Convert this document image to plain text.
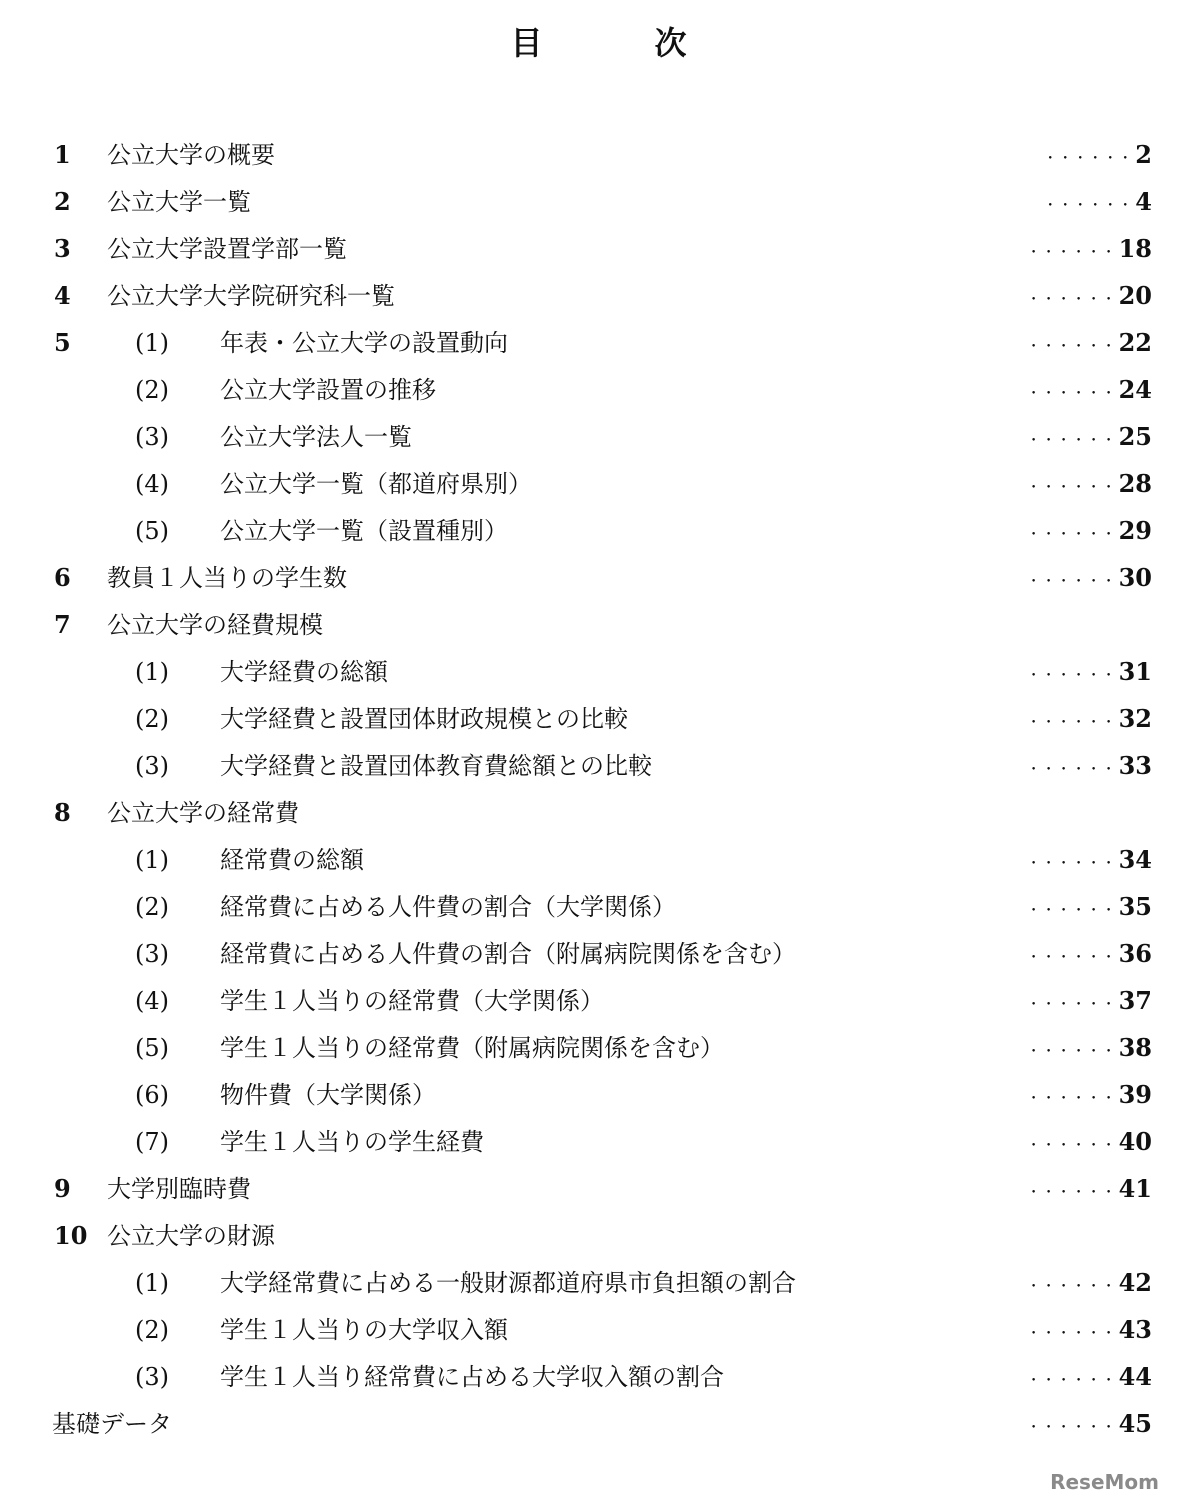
目　次
1 公立大学の概要	・・・・・・ 2
2 公立大学一覧	・・・・・・ 4
3 公立大学設置学部一覧	・・・・・・ 18
4 公立大学大学院研究科一覧	・・・・・・ 20
5	(1) 年表・公立大学の設置動向	・・・・・・ 22
(2) 公立大学設置の推移	・・・・・・ 24
(3) 公立大学法人一覧	・・・・・・ 25
(4) 公立大学一覧（都道府県別）	・・・・・・ 28
(5) 公立大学一覧（設置種別）	・・・・・・ 29
6 教員１人当りの学生数	・・・・・・ 30
7 公立大学の経費規模
(1) 大学経費の総額	・・・・・・ 31
(2) 大学経費と設置団体財政規模との比較	・・・・・・ 32
(3) 大学経費と設置団体教育費総額との比較	・・・・・・ 33
8 公立大学の経常費
(1) 経常費の総額	・・・・・・ 34
(2) 経常費に占める人件費の割合（大学関係）	・・・・・・ 35
(3) 経常費に占める人件費の割合（附属病院関係を含む）	・・・・・・ 36
(4) 学生１人当りの経常費（大学関係）	・・・・・・ 37
(5) 学生１人当りの経常費（附属病院関係を含む）	・・・・・・ 38
(6) 物件費（大学関係）	・・・・・・ 39
(7) 学生１人当りの学生経費	・・・・・・ 40
9 大学別臨時費	・・・・・・ 41
10 公立大学の財源
(1) 大学経常費に占める一般財源都道府県市負担額の割合	・・・・・・ 42
(2) 学生１人当りの大学収入額	・・・・・・ 43
(3) 学生１人当り経常費に占める大学収入額の割合	・・・・・・ 44
基礎データ	・・・・・・ 45
ReseMom
